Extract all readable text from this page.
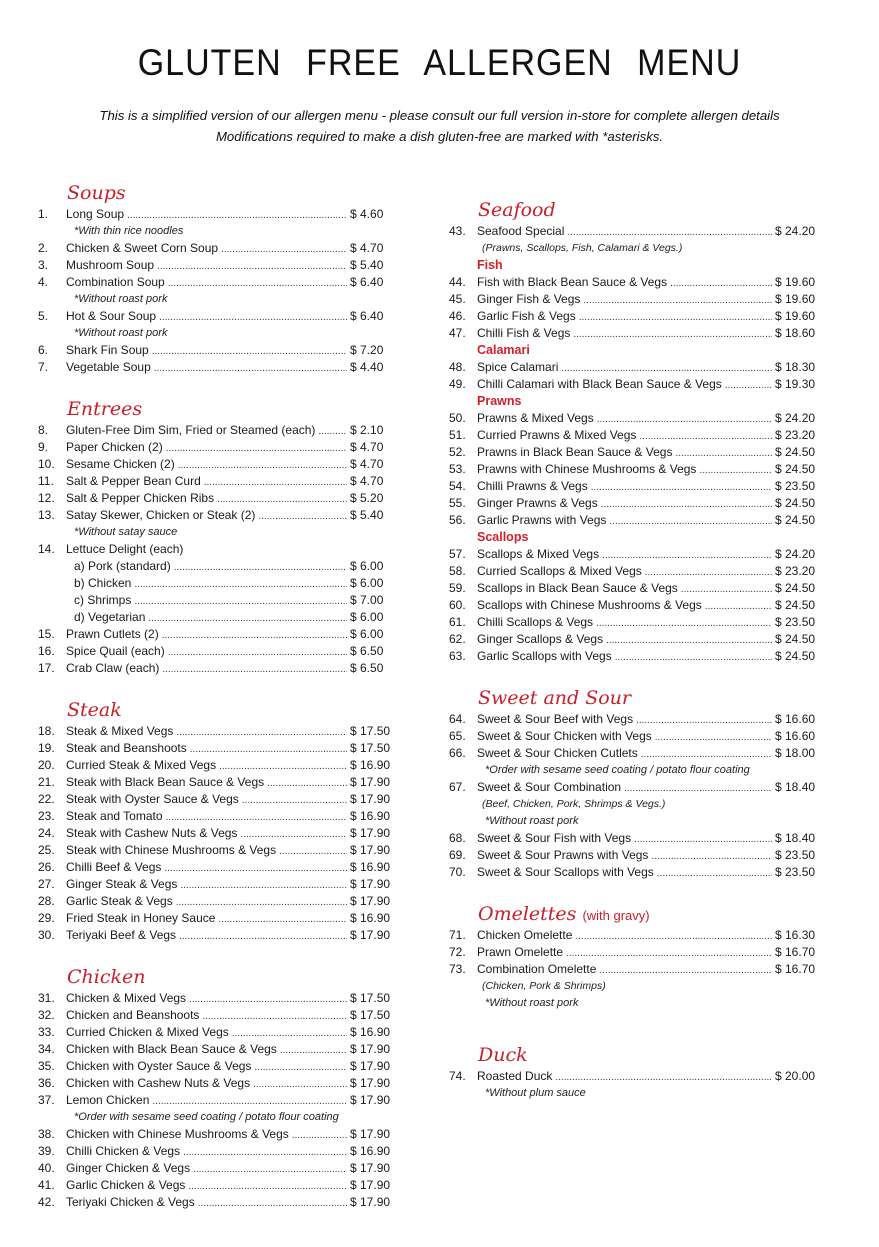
GLUTEN FREE ALLERGEN MENU
This is a simplified version of our allergen menu - please consult our full version in-store for complete allergen details
Modifications required to make a dish gluten-free are marked with *asterisks.
Soups
1.	Long Soup .....	$ 4.60
*With thin rice noodles
2.	Chicken & Sweet Corn Soup .....	$ 4.70
3.	Mushroom Soup .....	$ 5.40
4.	Combination Soup .....	$ 6.40
*Without roast pork
5.	Hot & Sour Soup .....	$ 6.40
*Without roast pork
6.	Shark Fin Soup .....	$ 7.20
7.	Vegetable Soup .....	$ 4.40
Entrees
8.	Gluten-Free Dim Sim, Fried or Steamed (each) .....	$ 2.10
9.	Paper Chicken (2) .....	$ 4.70
10. Sesame Chicken (2) .....	$ 4.70
11.	Salt & Pepper Bean Curd .....	$ 4.70
12. Salt & Pepper Chicken Ribs .....	$ 5.20
13. Satay Skewer, Chicken or Steak (2) .....	$ 5.40
*Without satay sauce
14. Lettuce Delight (each)
a) Pork (standard) .....	$ 6.00
b) Chicken .....	$ 6.00
c) Shrimps .....	$ 7.00
d) Vegetarian .....	$ 6.00
15. Prawn Cutlets (2) .....	$ 6.00
16. Spice Quail (each) .....	$ 6.50
17. Crab Claw (each) .....	$ 6.50
Steak
18. Steak & Mixed Vegs .....	$ 17.50
19. Steak and Beanshoots .....	$ 17.50
20. Curried Steak & Mixed Vegs .....	$ 16.90
21. Steak with Black Bean Sauce & Vegs .....	$ 17.90
22. Steak with Oyster Sauce & Vegs .....	$ 17.90
23. Steak and Tomato .....	$ 16.90
24. Steak with Cashew Nuts & Vegs .....	$ 17.90
25. Steak with Chinese Mushrooms & Vegs .....	$ 17.90
26. Chilli Beef & Vegs .....	$ 16.90
27. Ginger Steak & Vegs .....	$ 17.90
28. Garlic Steak & Vegs .....	$ 17.90
29. Fried Steak in Honey Sauce .....	$ 16.90
30. Teriyaki Beef & Vegs .....	$ 17.90
Chicken
31. Chicken & Mixed Vegs .....	$ 17.50
32. Chicken and Beanshoots .....	$ 17.50
33. Curried Chicken & Mixed Vegs .....	$ 16.90
34. Chicken with Black Bean Sauce & Vegs .....	$ 17.90
35. Chicken with Oyster Sauce & Vegs .....	$ 17.90
36. Chicken with Cashew Nuts & Vegs .....	$ 17.90
37. Lemon Chicken .....	$ 17.90
*Order with sesame seed coating / potato flour coating
38. Chicken with Chinese Mushrooms & Vegs .....	$ 17.90
39. Chilli Chicken & Vegs .....	$ 16.90
40. Ginger Chicken & Vegs .....	$ 17.90
41. Garlic Chicken & Vegs .....	$ 17.90
42. Teriyaki Chicken & Vegs .....	$ 17.90
Seafood
43. Seafood Special .....	$ 24.20
(Prawns, Scallops, Fish, Calamari & Vegs.)
Fish
44. Fish with Black Bean Sauce & Vegs .....	$ 19.60
45. Ginger Fish & Vegs .....	$ 19.60
46. Garlic Fish & Vegs .....	$ 19.60
47. Chilli Fish & Vegs .....	$ 18.60
Calamari
48. Spice Calamari .....	$ 18.30
49. Chilli Calamari with Black Bean Sauce & Vegs .....	$ 19.30
Prawns
50. Prawns & Mixed Vegs .....	$ 24.20
51. Curried Prawns & Mixed Vegs .....	$ 23.20
52. Prawns in Black Bean Sauce & Vegs .....	$ 24.50
53. Prawns with Chinese Mushrooms & Vegs .....	$ 24.50
54. Chilli Prawns & Vegs .....	$ 23.50
55. Ginger Prawns & Vegs .....	$ 24.50
56. Garlic Prawns with Vegs .....	$ 24.50
Scallops
57. Scallops & Mixed Vegs .....	$ 24.20
58. Curried Scallops & Mixed Vegs .....	$ 23.20
59. Scallops in Black Bean Sauce & Vegs .....	$ 24.50
60. Scallops with Chinese Mushrooms & Vegs .....	$ 24.50
61. Chilli Scallops & Vegs .....	$ 23.50
62. Ginger Scallops & Vegs .....	$ 24.50
63. Garlic Scallops with Vegs .....	$ 24.50
Sweet and Sour
64. Sweet & Sour Beef with Vegs .....	$ 16.60
65. Sweet & Sour Chicken with Vegs .....	$ 16.60
66. Sweet & Sour Chicken Cutlets .....	$ 18.00
*Order with sesame seed coating / potato flour coating
67. Sweet & Sour Combination .....	$ 18.40
(Beef, Chicken, Pork, Shrimps & Vegs.)
*Without roast pork
68. Sweet & Sour Fish with Vegs .....	$ 18.40
69. Sweet & Sour Prawns with Vegs .....	$ 23.50
70. Sweet & Sour Scallops with Vegs .....	$ 23.50
Omelettes (with gravy)
71. Chicken Omelette .....	$ 16.30
72. Prawn Omelette .....	$ 16.70
73. Combination Omelette .....	$ 16.70
(Chicken, Pork & Shrimps)
*Without roast pork
Duck
74. Roasted Duck .....	$ 20.00
*Without plum sauce
